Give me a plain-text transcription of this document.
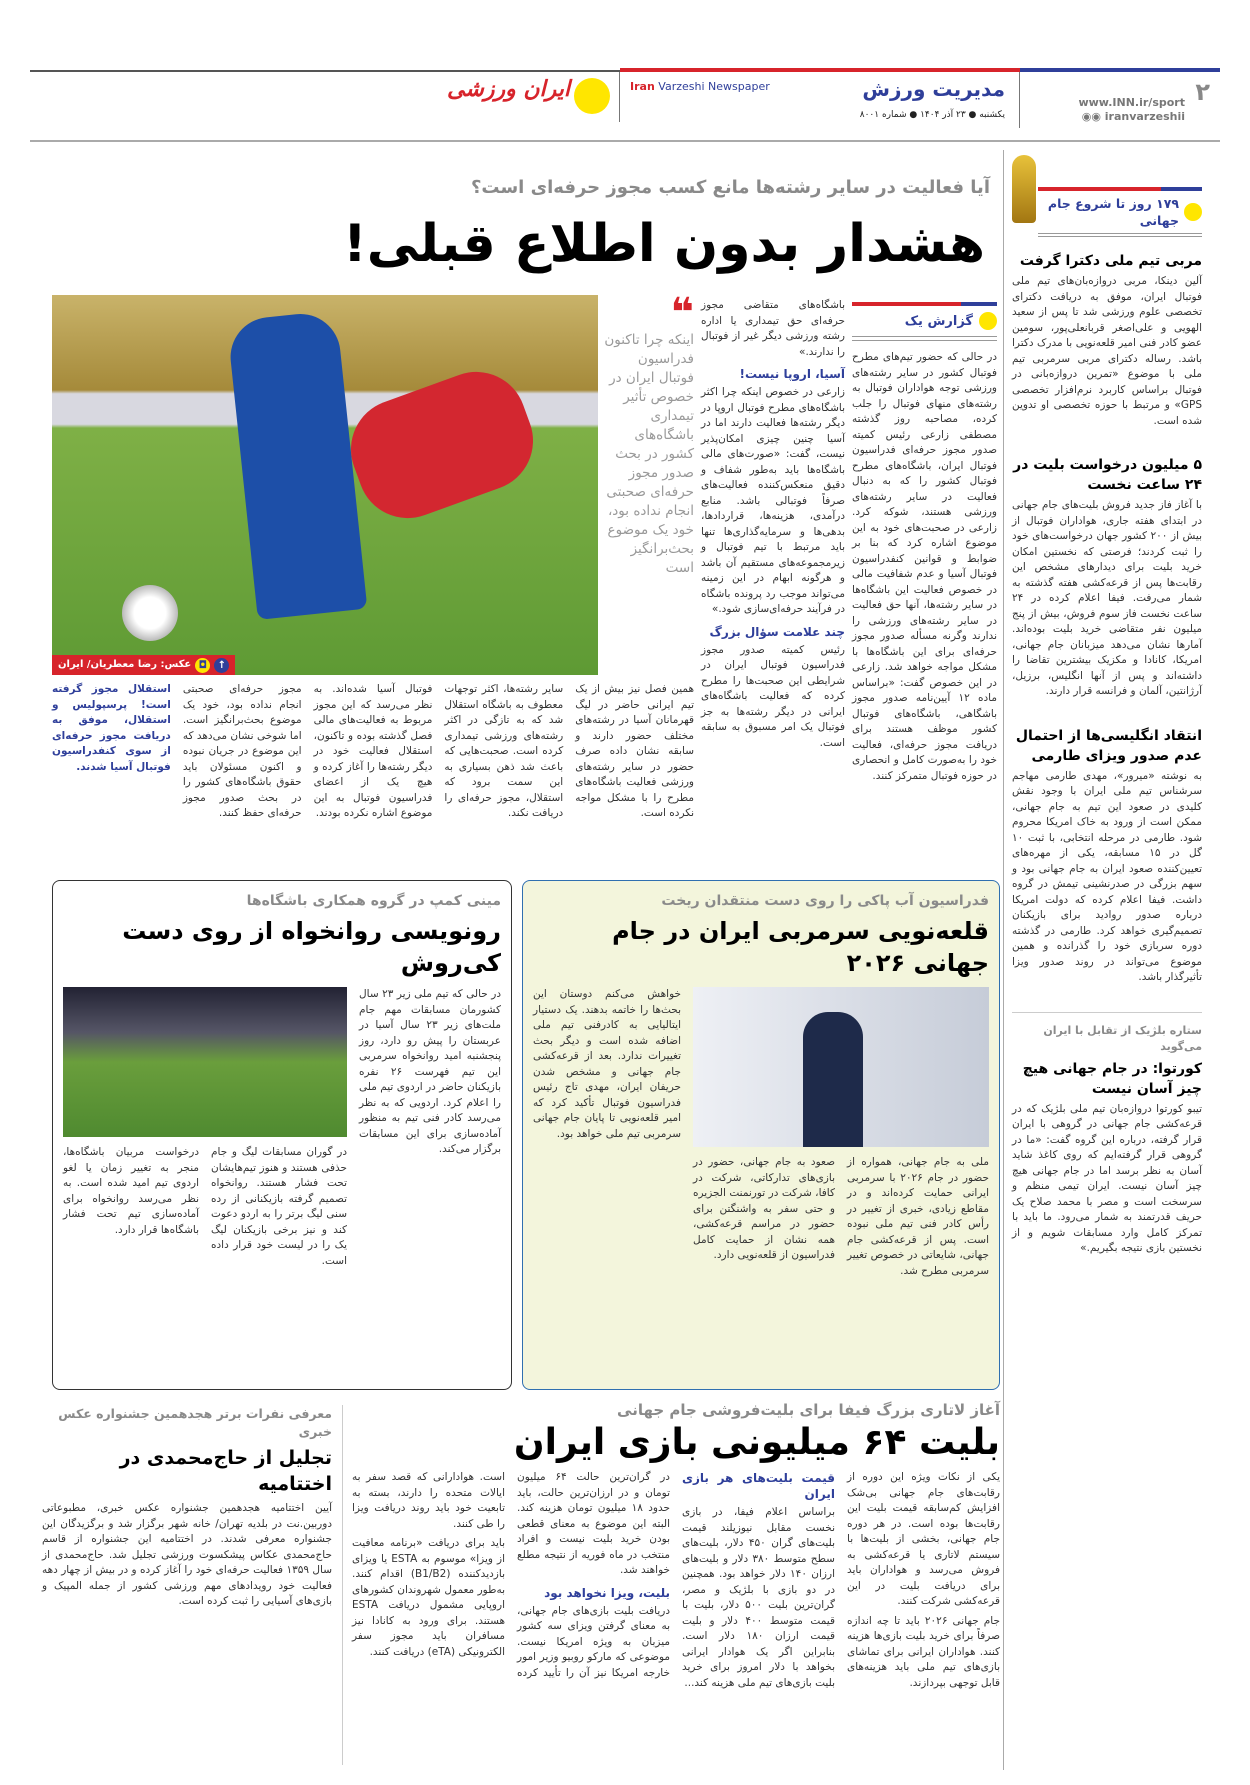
۲
www.INN.ir/sport
◉◉ iranvarzeshii
مدیریت ورزش
یکشنبه ● ۲۳ آذر ۱۴۰۴ ● شماره ۸۰۰۱
Iran Varzeshi Newspaper
ایران ورزشی
آیا فعالیت در سایر رشته‌ها مانع کسب مجوز حرفه‌ای است؟
هشدار بدون اطلاع قبلی!
↑
◘
عکس: رضا معطریان/ ایران
❝
اینکه چرا تاکنون فدراسیون فوتبال ایران در خصوص تأثیر تیمداری باشگاه‌های کشور در بحث صدور مجوز حرفه‌ای صحبتی انجام نداده بود، خود یک موضوع بحث‌برانگیز است

باشگاه‌های متقاضی مجوز حرفه‌ای حق تیمداری یا اداره رشته ورزشی دیگر غیر از فوتبال را ندارند.»

آسیا، اروپا نیست!

زارعی در خصوص اینکه چرا اکثر باشگاه‌های مطرح فوتبال اروپا در دیگر رشته‌ها فعالیت دارند اما در آسیا چنین چیزی امکان‌پذیر نیست، گفت: «صورت‌های مالی باشگاه‌ها باید به‌طور شفاف و دقیق منعکس‌کننده فعالیت‌های صرفاً فوتبالی باشد. منابع درآمدی، هزینه‌ها، قراردادها، بدهی‌ها و سرمایه‌گذاری‌ها تنها باید مرتبط با تیم فوتبال و زیرمجموعه‌های مستقیم آن باشد و هرگونه ابهام در این زمینه می‌تواند موجب رد پرونده باشگاه در فرآیند حرفه‌ای‌سازی شود.»

چند علامت سؤال بزرگ

رئیس کمیته صدور مجوز فدراسیون فوتبال ایران در شرایطی این صحبت‌ها را مطرح کرده که فعالیت باشگاه‌های ایرانی در دیگر رشته‌ها به جز فوتبال یک امر مسبوق به سابقه است.

گزارش یک

در حالی که حضور تیم‌های مطرح فوتبال کشور در سایر رشته‌های ورزشی توجه هواداران فوتبال به رشته‌های منهای فوتبال را جلب کرده، مصاحبه روز گذشته مصطفی زارعی رئیس کمیته صدور مجوز حرفه‌ای فدراسیون فوتبال ایران، باشگاه‌های مطرح فوتبال کشور را که به دنبال فعالیت در سایر رشته‌های ورزشی هستند، شوکه کرد. زارعی در صحبت‌های خود به این موضوع اشاره کرد که بنا بر ضوابط و قوانین کنفدراسیون فوتبال آسیا و عدم شفافیت مالی در خصوص فعالیت این باشگاه‌ها در سایر رشته‌ها، آنها حق فعالیت در سایر رشته‌های ورزشی را ندارند وگرنه مسأله صدور مجوز حرفه‌ای برای این باشگاه‌ها با مشکل مواجه خواهد شد. زارعی در این خصوص گفت: «براساس ماده ۱۲ آیین‌نامه صدور مجوز باشگاهی، باشگاه‌های فوتبال کشور موظف هستند برای دریافت مجوز حرفه‌ای، فعالیت خود را به‌صورت کامل و انحصاری در حوزه فوتبال متمرکز کنند.

همین فصل نیز بیش از یک تیم ایرانی حاضر در لیگ قهرمانان آسیا در رشته‌های مختلف حضور دارند و سابقه نشان داده صرف حضور در سایر رشته‌های ورزشی فعالیت باشگاه‌های مطرح را با مشکل مواجه نکرده است.

سایر رشته‌ها، اکثر توجهات معطوف به باشگاه استقلال شد که به تازگی در اکثر رشته‌های ورزشی تیمداری کرده است. صحبت‌هایی که باعث شد ذهن بسیاری به این سمت برود که استقلال، مجوز حرفه‌ای را دریافت نکند.

فوتبال آسیا شده‌اند. به نظر می‌رسد که این مجوز مربوط به فعالیت‌های مالی فصل گذشته بوده و تاکنون، استقلال فعالیت خود در دیگر رشته‌ها را آغاز کرده و هیچ یک از اعضای فدراسیون فوتبال به این موضوع اشاره نکرده بودند.

مجوز حرفه‌ای صحبتی انجام نداده بود، خود یک موضوع بحث‌برانگیز است. اما شوخی نشان می‌دهد که این موضوع در جریان نبوده و اکنون مسئولان باید حقوق باشگاه‌های کشور را در بحث صدور مجوز حرفه‌ای حفظ کنند.

استقلال مجوز گرفته است! پرسپولیس و استقلال، موفق به دریافت مجوز حرفه‌ای از سوی کنفدراسیون فوتبال آسیا شدند.
مینی کمپ در گروه همکاری باشگاه‌ها
رونویسی روانخواه از روی دست کی‌روش
در حالی که تیم ملی زیر ۲۳ سال کشورمان مسابقات مهم جام ملت‌های زیر ۲۳ سال آسیا در عربستان را پیش رو دارد، روز پنجشنبه امید روانخواه سرمربی این تیم فهرست ۲۶ نفره بازیکنان حاضر در اردوی تیم ملی را اعلام کرد. اردویی که به نظر می‌رسد کادر فنی تیم به منظور آماده‌سازی برای این مسابقات برگزار می‌کند.
در گوران مسابقات لیگ و جام حذفی هستند و هنوز تیم‌هایشان تحت فشار هستند. روانخواه تصمیم گرفته بازیکنانی از رده سنی لیگ برتر را به اردو دعوت کند و نیز برخی بازیکنان لیگ یک را در لیست خود قرار داده است.
درخواست مربیان باشگاه‌ها، منجر به تغییر زمان یا لغو اردوی تیم امید شده است. به نظر می‌رسد روانخواه برای آماده‌سازی تیم تحت فشار باشگاه‌ها قرار دارد.
فدراسیون آب پاکی را روی دست منتقدان ریخت
قلعه‌نویی سرمربی ایران در جام جهانی ۲۰۲۶
ملی به جام جهانی، همواره از حضور در جام ۲۰۲۶ با سرمربی ایرانی حمایت کرده‌اند و در مقاطع زیادی، خبری از تغییر در رأس کادر فنی تیم ملی نبوده است. پس از قرعه‌کشی جام جهانی، شایعاتی در خصوص تغییر سرمربی مطرح شد.
صعود به جام جهانی، حضور در بازی‌های تدارکاتی، شرکت در کافا، شرکت در تورنمنت الجزیره و حتی سفر به واشنگتن برای حضور در مراسم قرعه‌کشی، همه نشان از حمایت کامل فدراسیون از قلعه‌نویی دارد.
خواهش می‌کنم دوستان این بحث‌ها را خاتمه بدهند. یک دستیار ایتالیایی به کادرفنی تیم ملی اضافه شده است و دیگر بحث تغییرات ندارد. بعد از قرعه‌کشی جام جهانی و مشخص شدن حریفان ایران، مهدی تاج رئیس فدراسیون فوتبال تأکید کرد که امیر قلعه‌نویی تا پایان جام جهانی سرمربی تیم ملی خواهد بود.
معرفی نفرات برتر هجدهمین جشنواره عکس خبری
تجلیل از حاج‌محمدی در اختتامیه
آیین اختتامیه هجدهمین جشنواره عکس خبری، مطبوعاتی دوربین.نت در بلدیه تهران/ خانه شهر برگزار شد و برگزیدگان این جشنواره معرفی شدند. در اختتامیه این جشنواره از قاسم حاج‌محمدی عکاس پیشکسوت ورزشی تجلیل شد. حاج‌محمدی از سال ۱۳۵۹ فعالیت حرفه‌ای خود را آغاز کرده و در بیش از چهار دهه فعالیت خود رویدادهای مهم ورزشی کشور از جمله المپیک و بازی‌های آسیایی را ثبت کرده است.
آغاز لاتاری بزرگ فیفا برای بلیت‌فروشی جام جهانی
بلیت ۶۴ میلیونی بازی ایران

یکی از نکات ویژه این دوره از رقابت‌های جام جهانی بی‌شک افزایش کم‌سابقه قیمت بلیت این رقابت‌ها بوده است. در هر دوره جام جهانی، بخشی از بلیت‌ها با سیستم لاتاری یا قرعه‌کشی به فروش می‌رسد و هواداران باید برای دریافت بلیت در این قرعه‌کشی شرکت کنند.

جام جهانی ۲۰۲۶ باید تا چه اندازه صرفاً برای خرید بلیت بازی‌ها هزینه کنند. هواداران ایرانی برای تماشای بازی‌های تیم ملی باید هزینه‌های قابل توجهی بپردازند.

قیمت بلیت‌های هر بازی ایران

براساس اعلام فیفا، در بازی نخست مقابل نیوزیلند قیمت بلیت‌های گران ۴۵۰ دلار، بلیت‌های سطح متوسط ۳۸۰ دلار و بلیت‌های ارزان ۱۴۰ دلار خواهد بود. همچنین در دو بازی با بلژیک و مصر، گران‌ترین بلیت ۵۰۰ دلار، بلیت با قیمت متوسط ۴۰۰ دلار و بلیت قیمت ارزان ۱۸۰ دلار است. بنابراین اگر یک هوادار ایرانی بخواهد با دلار امروز برای خرید بلیت بازی‌های تیم ملی هزینه کند...

در گران‌ترین حالت ۶۴ میلیون تومان و در ارزان‌ترین حالت، باید حدود ۱۸ میلیون تومان هزینه کند. البته این موضوع به معنای قطعی بودن خرید بلیت نیست و افراد منتخب در ماه فوریه از نتیجه مطلع خواهند شد.

بلیت، ویزا نخواهد بود

دریافت بلیت بازی‌های جام جهانی، به معنای گرفتن ویزای سه کشور میزبان به ویژه امریکا نیست. موضوعی که مارکو روبیو وزیر امور خارجه امریکا نیز آن را تأیید کرده است. هوادارانی که قصد سفر به ایالات متحده را دارند، بسته به تابعیت خود باید روند دریافت ویزا را طی کنند.

باید برای دریافت «برنامه معافیت از ویزا» موسوم به ESTA یا ویزای بازدیدکننده (B1/B2) اقدام کنند. به‌طور معمول شهروندان کشورهای اروپایی مشمول دریافت ESTA هستند. برای ورود به کانادا نیز مسافران باید مجوز سفر الکترونیکی (eTA) دریافت کنند.

۱۷۹ روز تا شروع جام جهانی
مربی تیم ملی دکترا گرفت
آلین دینکا، مربی دروازه‌بان‌های تیم ملی فوتبال ایران، موفق به دریافت دکترای تخصصی علوم ورزشی شد تا پس از سعید الهویی و علی‌اصغر قربانعلی‌پور، سومین عضو کادر فنی امیر قلعه‌نویی با مدرک دکترا باشد. رساله دکترای مربی سرمربی تیم ملی با موضوع «تمرین دروازه‌بانی در فوتبال براساس کاربرد نرم‌افزار تخصصی GPS» و مرتبط با حوزه تخصصی او تدوین شده است.
۵ میلیون درخواست بلیت در ۲۴ ساعت نخست
با آغاز فاز جدید فروش بلیت‌های جام جهانی در ابتدای هفته جاری، هواداران فوتبال از بیش از ۲۰۰ کشور جهان درخواست‌های خود را ثبت کردند؛ فرصتی که نخستین امکان خرید بلیت برای دیدارهای مشخص این رقابت‌ها پس از قرعه‌کشی هفته گذشته به شمار می‌رفت. فیفا اعلام کرده در ۲۴ ساعت نخست فاز سوم فروش، بیش از پنج میلیون نفر متقاضی خرید بلیت بوده‌اند. آمارها نشان می‌دهد میزبانان جام جهانی، امریکا، کانادا و مکزیک بیشترین تقاضا را داشته‌اند و پس از آنها انگلیس، برزیل، آرژانتین، آلمان و فرانسه قرار دارند.
انتقاد انگلیسی‌ها از احتمال عدم صدور ویزای طارمی
به نوشته «میرور»، مهدی طارمی مهاجم سرشناس تیم ملی ایران با وجود نقش کلیدی در صعود این تیم به جام جهانی، ممکن است از ورود به خاک امریکا محروم شود. طارمی در مرحله انتخابی، با ثبت ۱۰ گل در ۱۵ مسابقه، یکی از مهره‌های تعیین‌کننده صعود ایران به جام جهانی بود و سهم بزرگی در صدرنشینی تیمش در گروه داشت. فیفا اعلام کرده که دولت امریکا درباره صدور روادید برای بازیکنان تصمیم‌گیری خواهد کرد. طارمی در گذشته دوره سربازی خود را گذرانده و همین موضوع می‌تواند در روند صدور ویزا تأثیرگذار باشد.
ستاره بلژیک از تقابل با ایران می‌گوید
کورتوا: در جام جهانی هیچ چیز آسان نیست
تیبو کورتوا دروازه‌بان تیم ملی بلژیک که در قرعه‌کشی جام جهانی در گروهی با ایران قرار گرفته، درباره این گروه گفت: «ما در گروهی قرار گرفته‌ایم که روی کاغذ شاید آسان به نظر برسد اما در جام جهانی هیچ چیز آسان نیست. ایران تیمی منظم و سرسخت است و مصر با محمد صلاح یک حریف قدرتمند به شمار می‌رود. ما باید با تمرکز کامل وارد مسابقات شویم و از نخستین بازی نتیجه بگیریم.»
